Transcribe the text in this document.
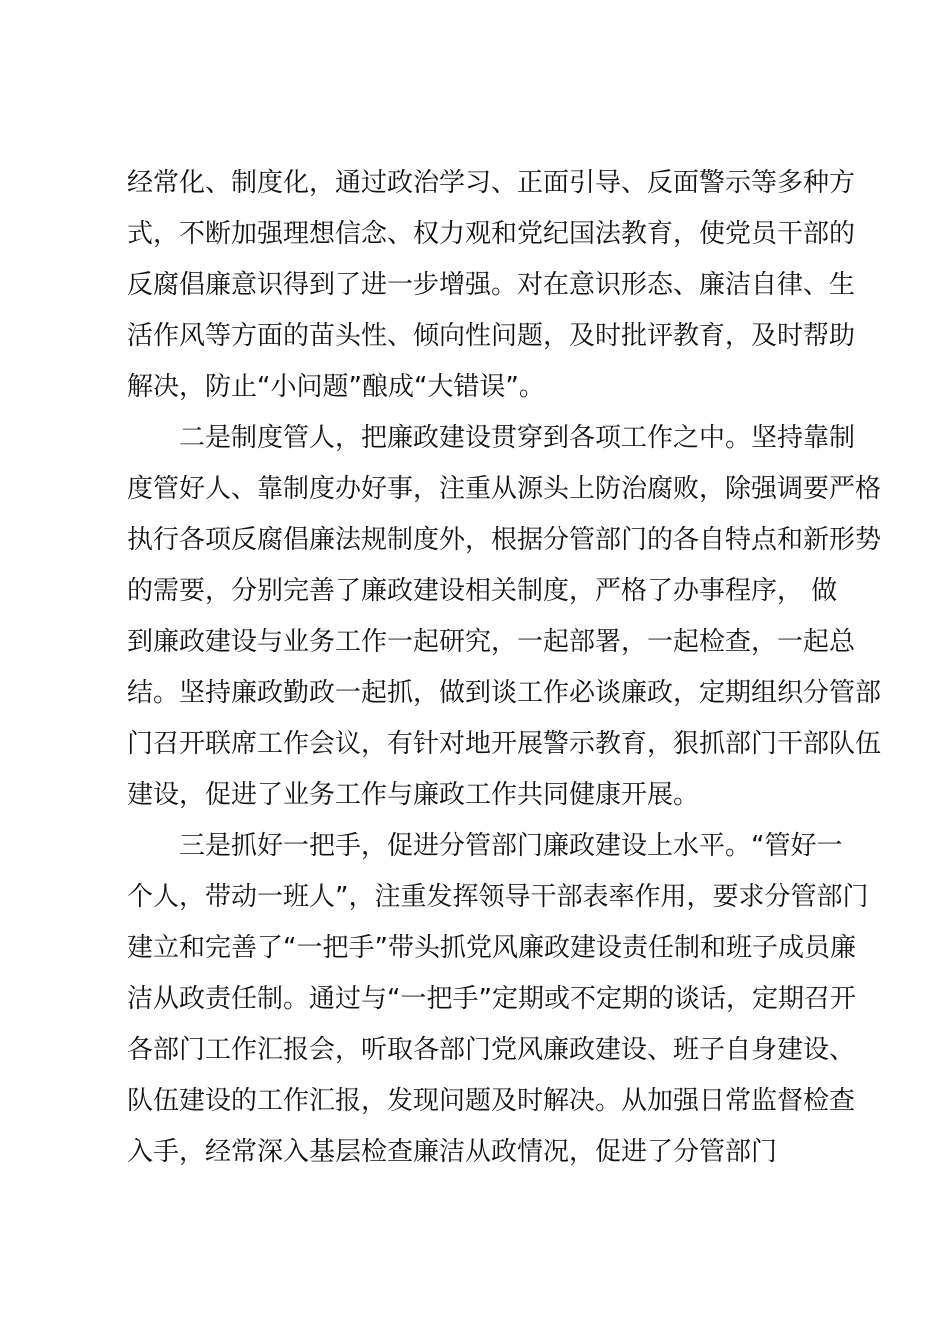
经常化、制度化，通过政治学习、正面引导、反面警示等多种方
式，不断加强理想信念、权力观和党纪国法教育，使党员干部的
反腐倡廉意识得到了进一步增强。对在意识形态、廉洁自律、生
活作风等方面的苗头性、倾向性问题，及时批评教育，及时帮助
解决，防止“小问题”酿成“大错误”。
　　二是制度管人，把廉政建设贯穿到各项工作之中。坚持靠制
度管好人、靠制度办好事，注重从源头上防治腐败，除强调要严格
执行各项反腐倡廉法规制度外，根据分管部门的各自特点和新形势
的需要，分别完善了廉政建设相关制度，严格了办事程序， 做
到廉政建设与业务工作一起研究，一起部署，一起检查，一起总
结。坚持廉政勤政一起抓，做到谈工作必谈廉政，定期组织分管部
门召开联席工作会议，有针对地开展警示教育，狠抓部门干部队伍
建设，促进了业务工作与廉政工作共同健康开展。
　　三是抓好一把手，促进分管部门廉政建设上水平。“管好一
个人，带动一班人”，注重发挥领导干部表率作用，要求分管部门
建立和完善了“一把手”带头抓党风廉政建设责任制和班子成员廉
洁从政责任制。通过与“一把手”定期或不定期的谈话，定期召开
各部门工作汇报会，听取各部门党风廉政建设、班子自身建设、
队伍建设的工作汇报，发现问题及时解决。从加强日常监督检查
入手，经常深入基层检查廉洁从政情况，促进了分管部门
